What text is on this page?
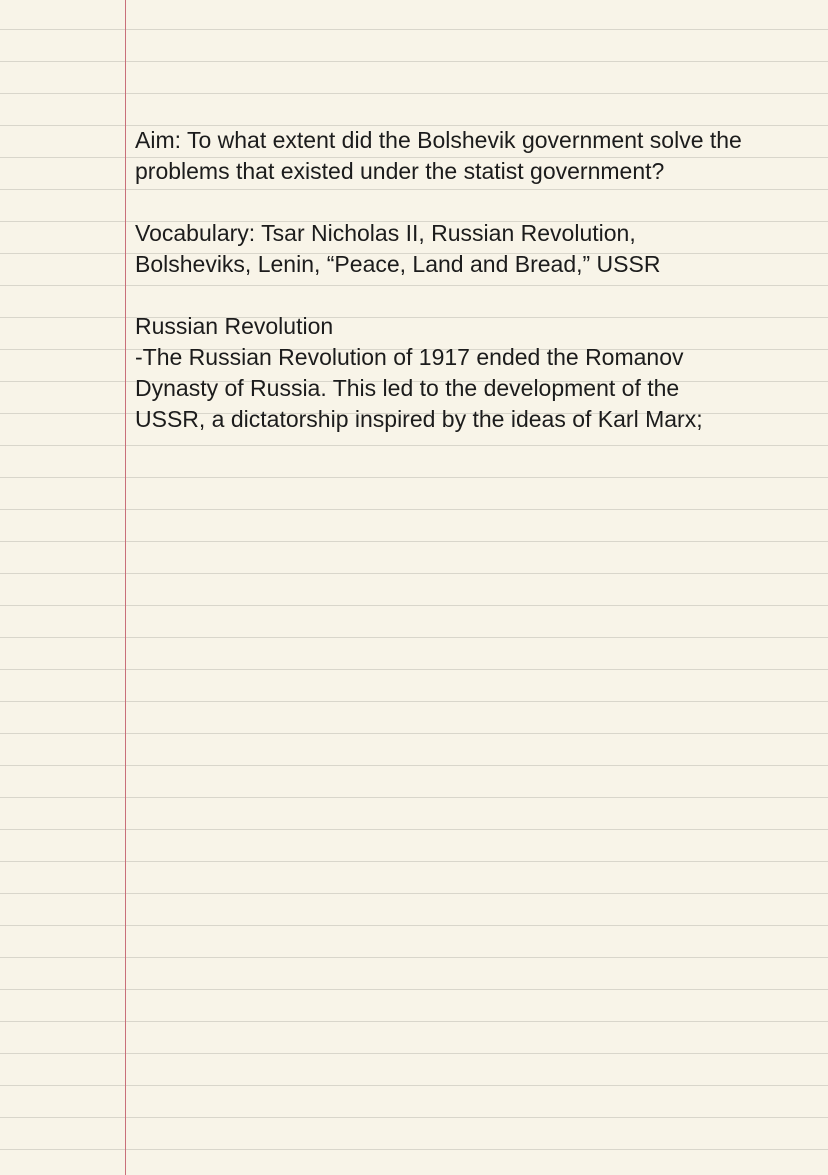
Aim: To what extent did the Bolshevik government solve the
problems that existed under the statist government?
Vocabulary: Tsar Nicholas II, Russian Revolution,
Bolsheviks, Lenin, “Peace, Land and Bread,” USSR
Russian Revolution
-The Russian Revolution of 1917 ended the Romanov
Dynasty of Russia. This led to the development of the
USSR, a dictatorship inspired by the ideas of Karl Marx;
